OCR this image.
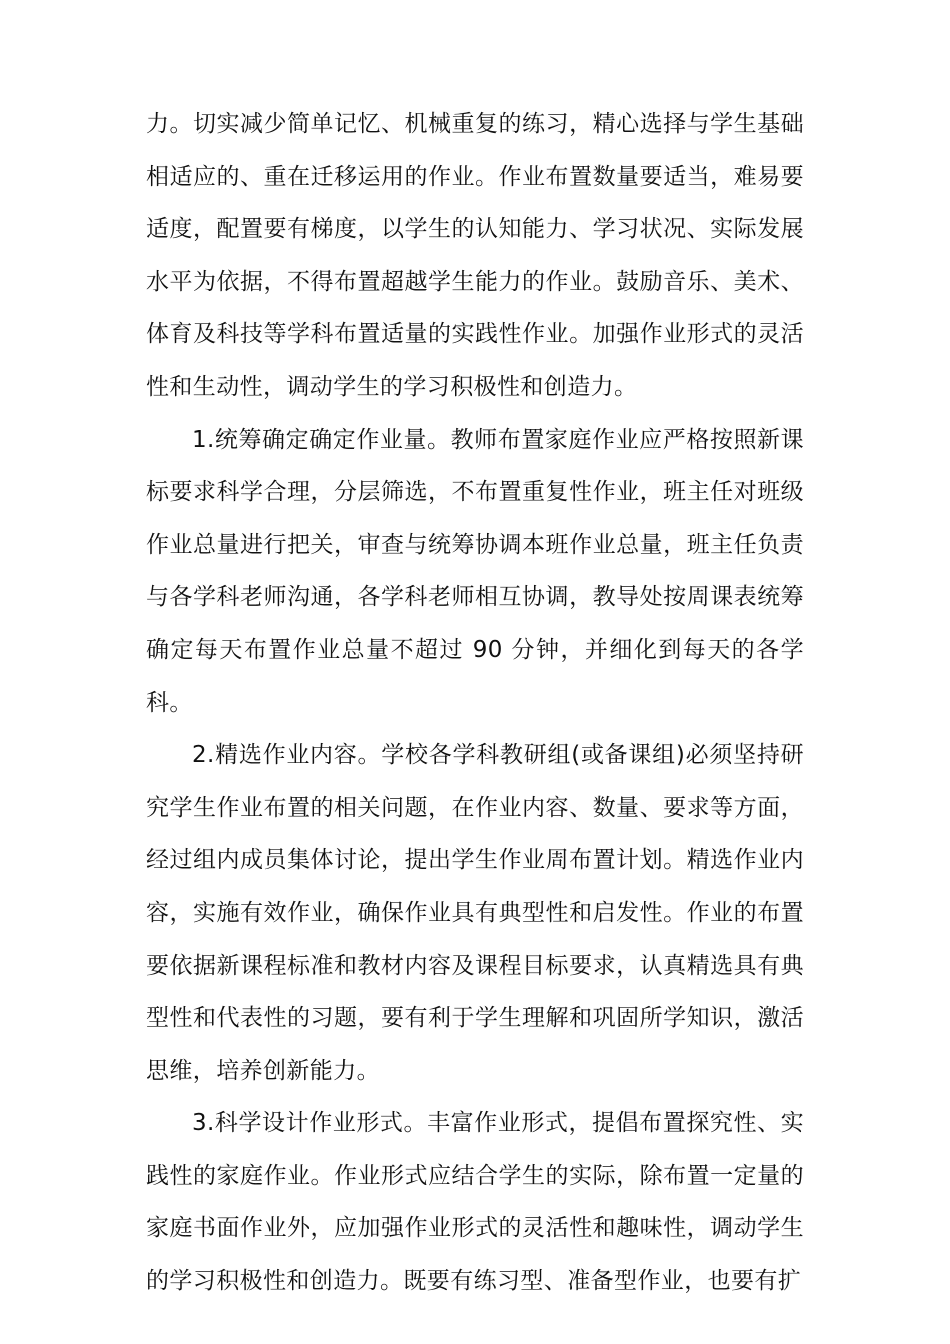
力。切实减少简单记忆、机械重复的练习，精心选择与学生基础相适应的、重在迁移运用的作业。作业布置数量要适当，难易要适度，配置要有梯度，以学生的认知能力、学习状况、实际发展水平为依据，不得布置超越学生能力的作业。鼓励音乐、美术、体育及科技等学科布置适量的实践性作业。加强作业形式的灵活性和生动性，调动学生的学习积极性和创造力。

1.统筹确定确定作业量。教师布置家庭作业应严格按照新课标要求科学合理，分层筛选，不布置重复性作业，班主任对班级作业总量进行把关，审查与统筹协调本班作业总量，班主任负责与各学科老师沟通，各学科老师相互协调，教导处按周课表统筹确定每天布置作业总量不超过 90 分钟，并细化到每天的各学科。

2.精选作业内容。学校各学科教研组(或备课组)必须坚持研究学生作业布置的相关问题，在作业内容、数量、要求等方面，经过组内成员集体讨论，提出学生作业周布置计划。精选作业内容，实施有效作业，确保作业具有典型性和启发性。作业的布置要依据新课程标准和教材内容及课程目标要求，认真精选具有典型性和代表性的习题，要有利于学生理解和巩固所学知识，激活思维，培养创新能力。

3.科学设计作业形式。丰富作业形式，提倡布置探究性、实践性的家庭作业。作业形式应结合学生的实际，除布置一定量的家庭书面作业外，应加强作业形式的灵活性和趣味性，调动学生的学习积极性和创造力。既要有练习型、准备型作业，也要有扩
